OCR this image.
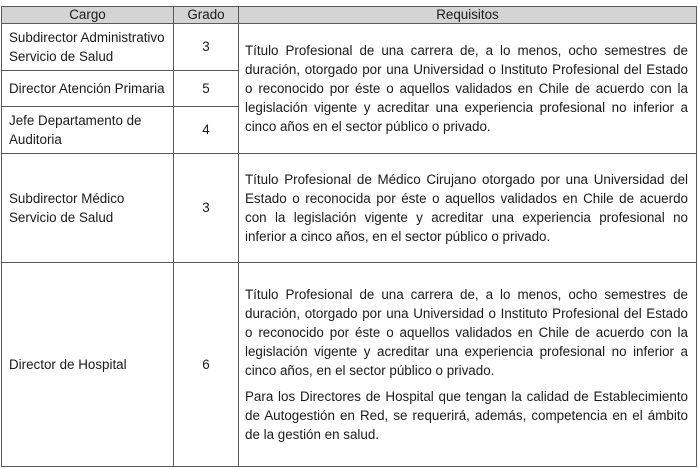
Cargo	Grado	Requisitos
Subdirector Administrativo
Servicio de Salud	3	Título Profesional de una carrera de, a lo menos, ocho semestres de duración, otorgado por una Universidad o Instituto Profesional del Estado o reconocido por éste o aquellos validados en Chile de acuerdo con la legislación vigente y acreditar una experiencia profesional no inferior a cinco años en el sector público o privado.

Director Atención Primaria	5	
Jefe Departamento de
Auditoria	4	
Subdirector Médico
Servicio de Salud	3	Título Profesional de Médico Cirujano otorgado por una Universidad del Estado o reconocida por éste o aquellos validados en Chile de acuerdo con la legislación vigente y acreditar una experiencia profesional no inferior a cinco años, en el sector público o privado.

Director de Hospital	6	Título Profesional de una carrera de, a lo menos, ocho semestres de duración, otorgado por una Universidad o Instituto Profesional del Estado o reconocido por éste o aquellos validados en Chile de acuerdo con la legislación vigente y acreditar una experiencia profesional no inferior a cinco años, en el sector público o privado.

Para los Directores de Hospital que tengan la calidad de Establecimiento de Autogestión en Red, se requerirá, además, competencia en el ámbito de la gestión en salud.
